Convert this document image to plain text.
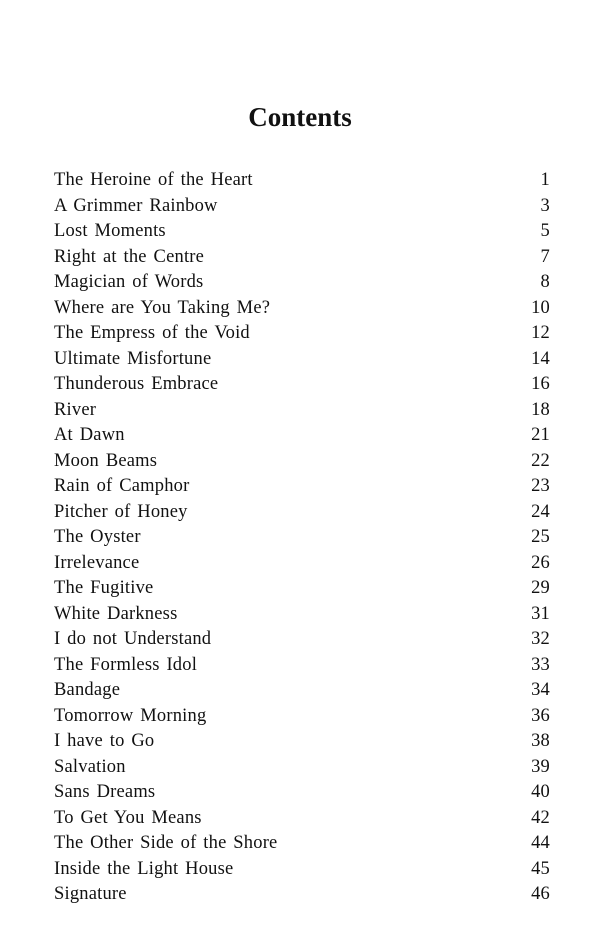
Contents
The Heroine of the Heart	1
A Grimmer Rainbow	3
Lost Moments	5
Right at the Centre	7
Magician of Words	8
Where are You Taking Me?	10
The Empress of the Void	12
Ultimate Misfortune	14
Thunderous Embrace	16
River	18
At Dawn	21
Moon Beams	22
Rain of Camphor	23
Pitcher of Honey	24
The Oyster	25
Irrelevance	26
The Fugitive	29
White Darkness	31
I do not Understand	32
The Formless Idol	33
Bandage	34
Tomorrow Morning	36
I have to Go	38
Salvation	39
Sans Dreams	40
To Get You Means	42
The Other Side of the Shore	44
Inside the Light House	45
Signature	46
